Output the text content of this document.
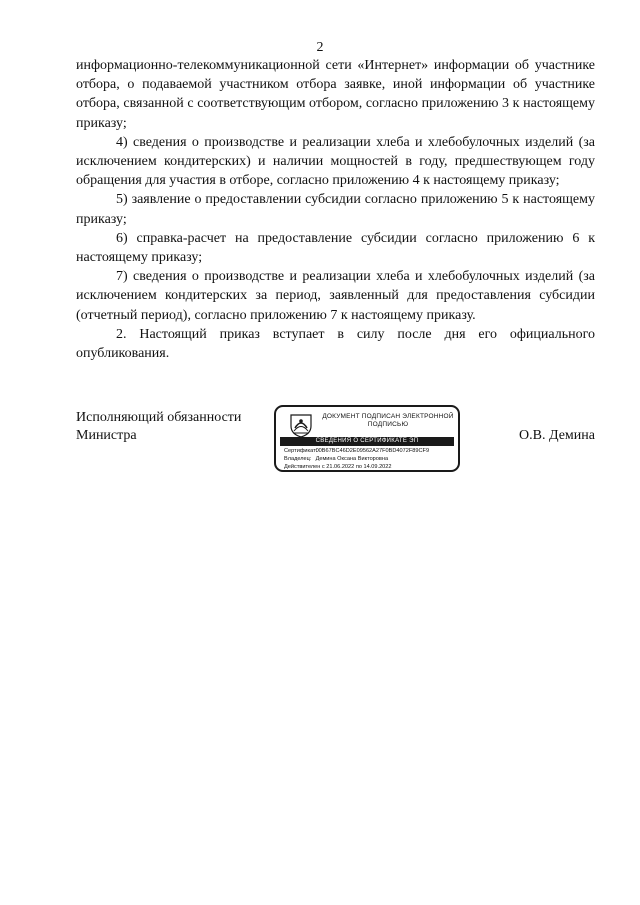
2

информационно-телекоммуникационной сети «Интернет» информации об участнике отбора, о подаваемой участником отбора заявке, иной информации об участнике отбора, связанной с соответствующим отбором, согласно приложению 3 к настоящему приказу;

4) сведения о производстве и реализации хлеба и хлебобулочных изделий (за исключением кондитерских) и наличии мощностей в году, предшествующем году обращения для участия в отборе, согласно приложению 4 к настоящему приказу;

5) заявление о предоставлении субсидии согласно приложению 5 к настоящему приказу;

6) справка-расчет на предоставление субсидии согласно приложению 6 к настоящему приказу;

7) сведения о производстве и реализации хлеба и хлебобулочных изделий (за исключением кондитерских за период, заявленный для предоставления субсидии (отчетный период), согласно приложению 7 к настоящему приказу.

2. Настоящий приказ вступает в силу после дня его официального опубликования.

Исполняющий обязанности Министра
ДОКУМЕНТ ПОДПИСАН ЭЛЕКТРОННОЙ ПОДПИСЬЮ
СВЕДЕНИЯ О СЕРТИФИКАТЕ ЭП
Сертификат: 00B67BC46D2E09562A27F0BD4072F89CF9
Владелец: Демина Оксана Викторовна
Действителен с 21.06.2022 по 14.09.2022
О.В. Демина
